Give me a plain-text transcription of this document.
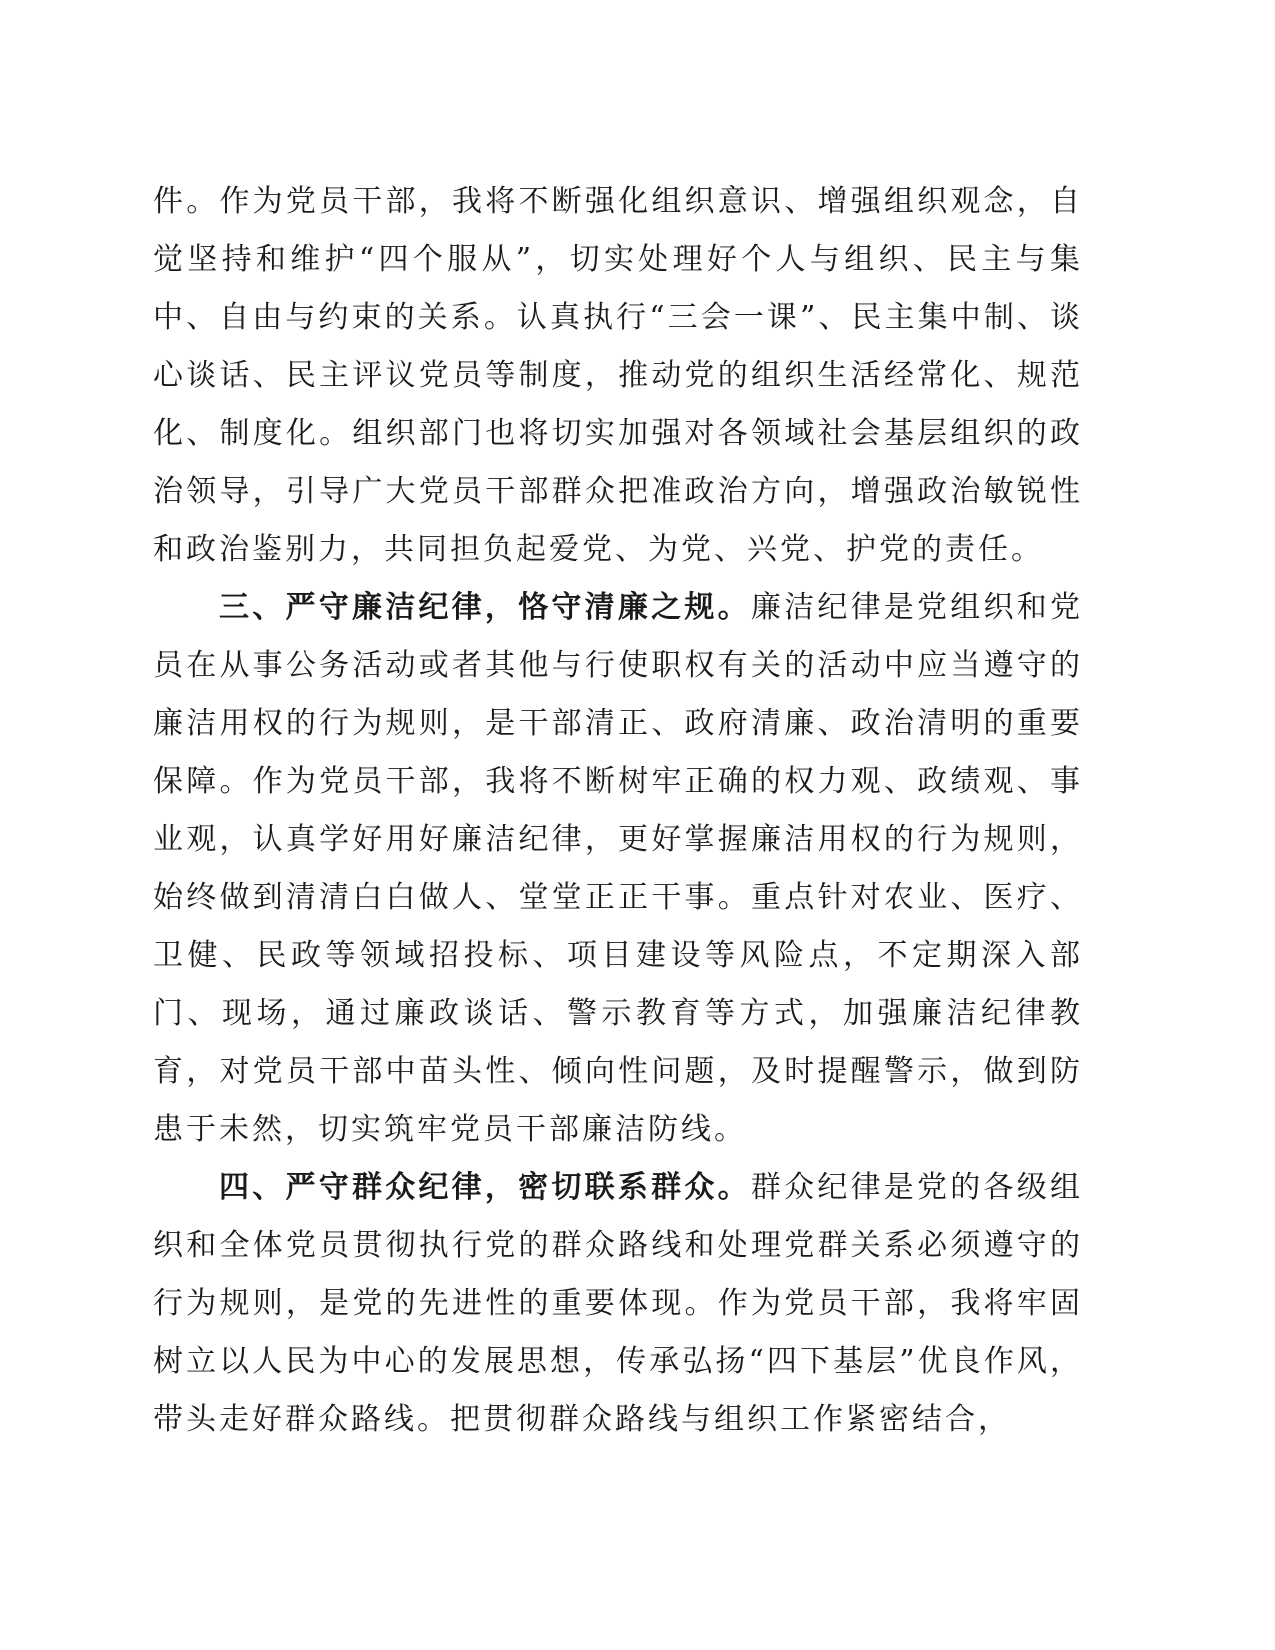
件。作为党员干部，我将不断强化组织意识、增强组织观念，自觉坚持和维护“四个服从”，切实处理好个人与组织、民主与集中、自由与约束的关系。认真执行“三会一课”、民主集中制、谈心谈话、民主评议党员等制度，推动党的组织生活经常化、规范化、制度化。组织部门也将切实加强对各领域社会基层组织的政治领导，引导广大党员干部群众把准政治方向，增强政治敏锐性和政治鉴别力，共同担负起爱党、为党、兴党、护党的责任。

三、严守廉洁纪律，恪守清廉之规。廉洁纪律是党组织和党员在从事公务活动或者其他与行使职权有关的活动中应当遵守的廉洁用权的行为规则，是干部清正、政府清廉、政治清明的重要保障。作为党员干部，我将不断树牢正确的权力观、政绩观、事业观，认真学好用好廉洁纪律，更好掌握廉洁用权的行为规则，始终做到清清白白做人、堂堂正正干事。重点针对农业、医疗、卫健、民政等领域招投标、项目建设等风险点，不定期深入部门、现场，通过廉政谈话、警示教育等方式，加强廉洁纪律教育，对党员干部中苗头性、倾向性问题，及时提醒警示，做到防患于未然，切实筑牢党员干部廉洁防线。

四、严守群众纪律，密切联系群众。群众纪律是党的各级组织和全体党员贯彻执行党的群众路线和处理党群关系必须遵守的行为规则，是党的先进性的重要体现。作为党员干部，我将牢固树立以人民为中心的发展思想，传承弘扬“四下基层”优良作风，带头走好群众路线。把贯彻群众路线与组织工作紧密结合，
